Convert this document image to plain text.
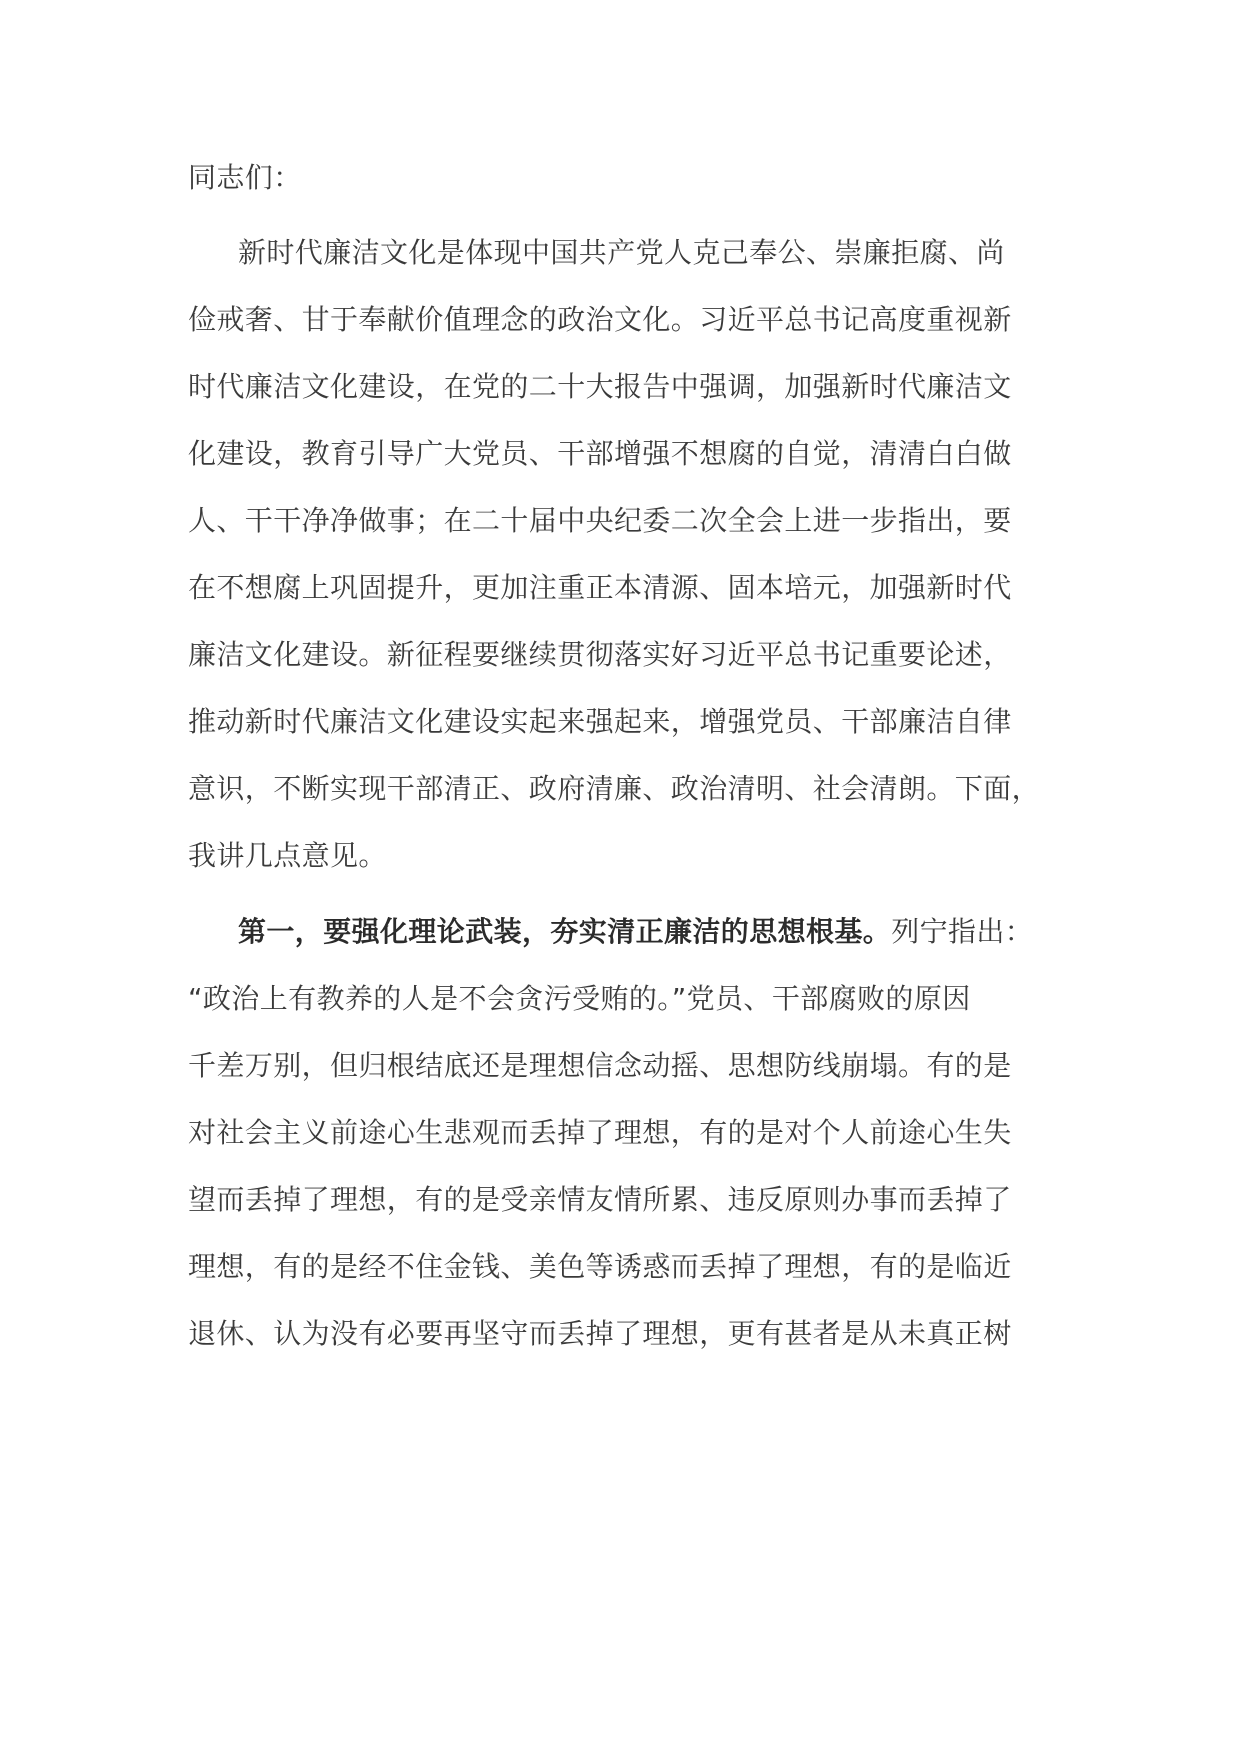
同志们：
新时代廉洁文化是体现中国共产党人克己奉公、崇廉拒腐、尚
俭戒奢、甘于奉献价值理念的政治文化。习近平总书记高度重视新
时代廉洁文化建设，在党的二十大报告中强调，加强新时代廉洁文
化建设，教育引导广大党员、干部增强不想腐的自觉，清清白白做
人、干干净净做事；在二十届中央纪委二次全会上进一步指出，要
在不想腐上巩固提升，更加注重正本清源、固本培元，加强新时代
廉洁文化建设。新征程要继续贯彻落实好习近平总书记重要论述，
推动新时代廉洁文化建设实起来强起来，增强党员、干部廉洁自律
意识，不断实现干部清正、政府清廉、政治清明、社会清朗。下面，
我讲几点意见。
第一，要强化理论武装，夯实清正廉洁的思想根基。列宁指出：
“政治上有教养的人是不会贪污受贿的。”党员、干部腐败的原因
千差万别，但归根结底还是理想信念动摇、思想防线崩塌。有的是
对社会主义前途心生悲观而丢掉了理想，有的是对个人前途心生失
望而丢掉了理想，有的是受亲情友情所累、违反原则办事而丢掉了
理想，有的是经不住金钱、美色等诱惑而丢掉了理想，有的是临近
退休、认为没有必要再坚守而丢掉了理想，更有甚者是从未真正树
